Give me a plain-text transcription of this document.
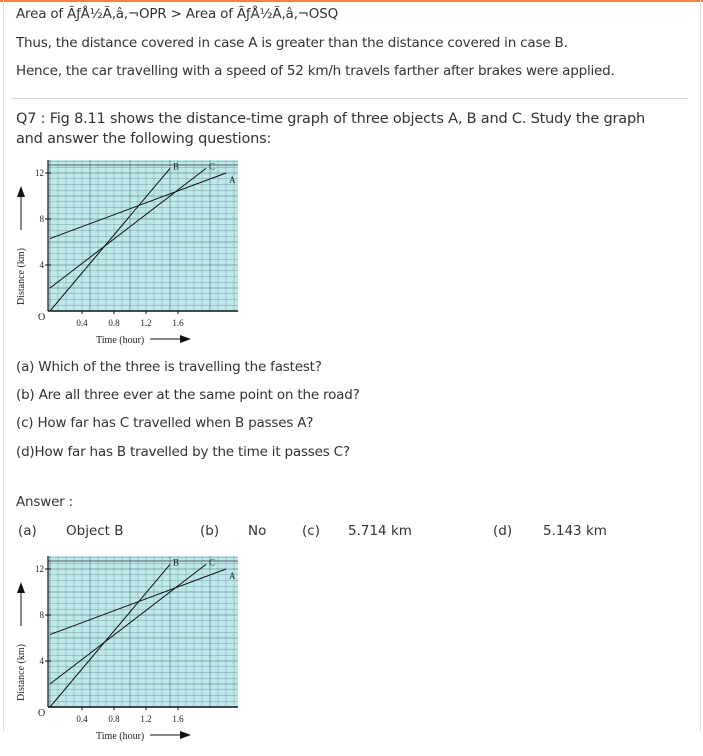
Area of ÃƒÅ½Ã‚â‚¬OPR > Area of ÃƒÅ½Ã‚â‚¬OSQ
Thus, the distance covered in case A is greater than the distance covered in case B.
Hence, the car travelling with a speed of 52 km/h travels farther after brakes were applied.
Q7 : Fig 8.11 shows the distance-time graph of three objects A, B and C. Study the graph and answer the following questions:
0.4 0.8 1.2 1.6
4
8
12
O
A
B	C
Distance (km)
Time (hour)
(a) Which of the three is travelling the fastest?
(b) Are all three ever at the same point on the road?
(c) How far has C travelled when B passes A?
(d)How far has B travelled by the time it passes C?
Answer :
(a) Object B	(b) No	(c) 5.714 km	(d) 5.143 km
0.4 0.8 1.2 1.6
4
8
12
O
A
B	C
Distance (km)
Time (hour)
